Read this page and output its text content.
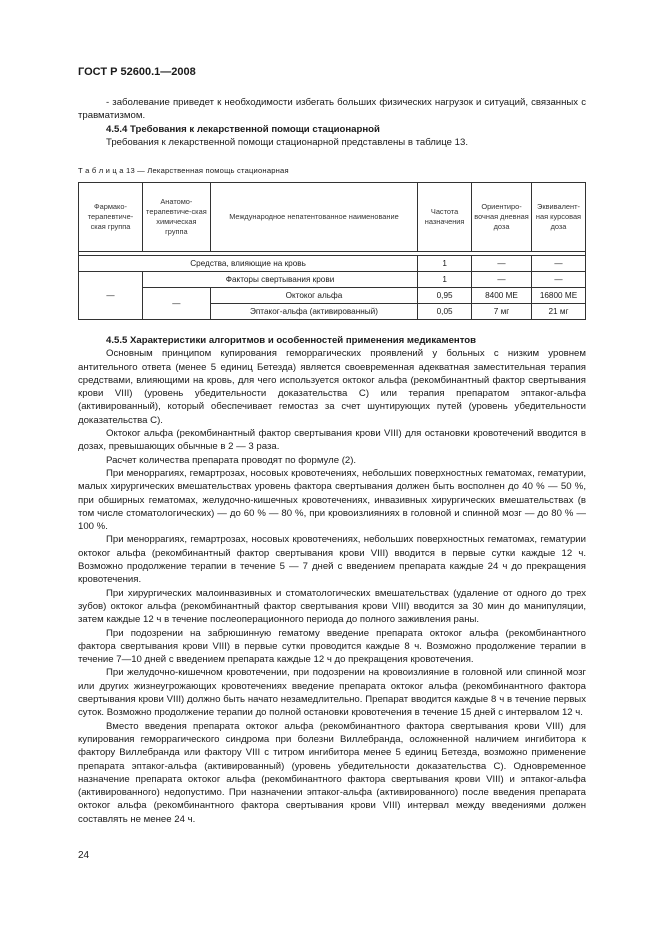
ГОСТ Р 52600.1—2008

- заболевание приведет к необходимости избегать больших физических нагрузок и ситуаций, связанных с травматизмом.

4.5.4 Требования к лекарственной помощи стационарной

Требования к лекарственной помощи стационарной представлены в таблице 13.

Т а б л и ц а 13 — Лекарственная помощь стационарная
Фармако-терапевтиче-ская группа	Анатомо-терапевтиче-ская химическая группа	Международное непатентованное наименование	Частота назначения	Ориентиро-вочная дневная доза	Эквивалент-ная курсовая доза

Средства, влияющие на кровь			1	—	—
—	Факторы свертывания крови		1	—	—
	—	Октоког альфа	0,95	8400 МЕ	16800 МЕ
		Эптаког-альфа (активированный)	0,05	7 мг	21 мг

4.5.5 Характеристики алгоритмов и особенностей применения медикаментов

Основным принципом купирования геморрагических проявлений у больных с низким уровнем антительного ответа (менее 5 единиц Бетезда) является своевременная адекватная заместительная терапия средствами, влияющими на кровь, для чего используется октоког альфа (рекомбинантный фактор свертывания крови VIII) (уровень убедительности доказательства С) или терапия препаратом эптаког-альфа (активированный), который обеспечивает гемостаз за счет шунтирующих путей (уровень убедительности доказательства С).

Октоког альфа (рекомбинантный фактор свертывания крови VIII) для остановки кровотечений вводится в дозах, превышающих обычные в 2 — 3 раза.

Расчет количества препарата проводят по формуле (2).

При меноррагиях, гемартрозах, носовых кровотечениях, небольших поверхностных гематомах, гематурии, малых хирургических вмешательствах уровень фактора свертывания должен быть восполнен до 40 % — 50 %, при обширных гематомах, желудочно-кишечных кровотечениях, инвазивных хирургических вмешательствах (в том числе стоматологических) — до 60 % — 80 %, при кровоизлияниях в головной и спинной мозг — до 80 % — 100 %.

При меноррагиях, гемартрозах, носовых кровотечениях, небольших поверхностных гематомах, гематурии октоког альфа (рекомбинантный фактор свертывания крови VIII) вводится в первые сутки каждые 12 ч. Возможно продолжение терапии в течение 5 — 7 дней с введением препарата каждые 24 ч до прекращения кровотечения.

При хирургических малоинвазивных и стоматологических вмешательствах (удаление от одного до трех зубов) октоког альфа (рекомбинантный фактор свертывания крови VIII) вводится за 30 мин до манипуляции, затем каждые 12 ч в течение послеоперационного периода до полного заживления раны.

При подозрении на забрюшинную гематому введение препарата октоког альфа (рекомбинантного фактора свертывания крови VIII) в первые сутки проводится каждые 8 ч. Возможно продолжение терапии в течение 7—10 дней с введением препарата каждые 12 ч до прекращения кровотечения.

При желудочно-кишечном кровотечении, при подозрении на кровоизлияние в головной или спинной мозг или других жизнеугрожающих кровотечениях введение препарата октоког альфа (рекомбинантного фактора свертывания крови VIII) должно быть начато незамедлительно. Препарат вводится каждые 8 ч в течение первых суток. Возможно продолжение терапии до полной остановки кровотечения в течение 15 дней с интервалом 12 ч.

Вместо введения препарата октоког альфа (рекомбинантного фактора свертывания крови VIII) для купирования геморрагического синдрома при болезни Виллебранда, осложненной наличием ингибитора к фактору Виллебранда или фактору VIII с титром ингибитора менее 5 единиц Бетезда, возможно применение препарата эптаког-альфа (активированный) (уровень убедительности доказательства С). Одновременное назначение препарата октоког альфа (рекомбинантного фактора свертывания крови VIII) и эптаког-альфа (активированного) недопустимо. При назначении эптаког-альфа (активированного) после введения препарата октоког альфа (рекомбинантного фактора свертывания крови VIII) интервал между введениями должен составлять не менее 24 ч.

24
